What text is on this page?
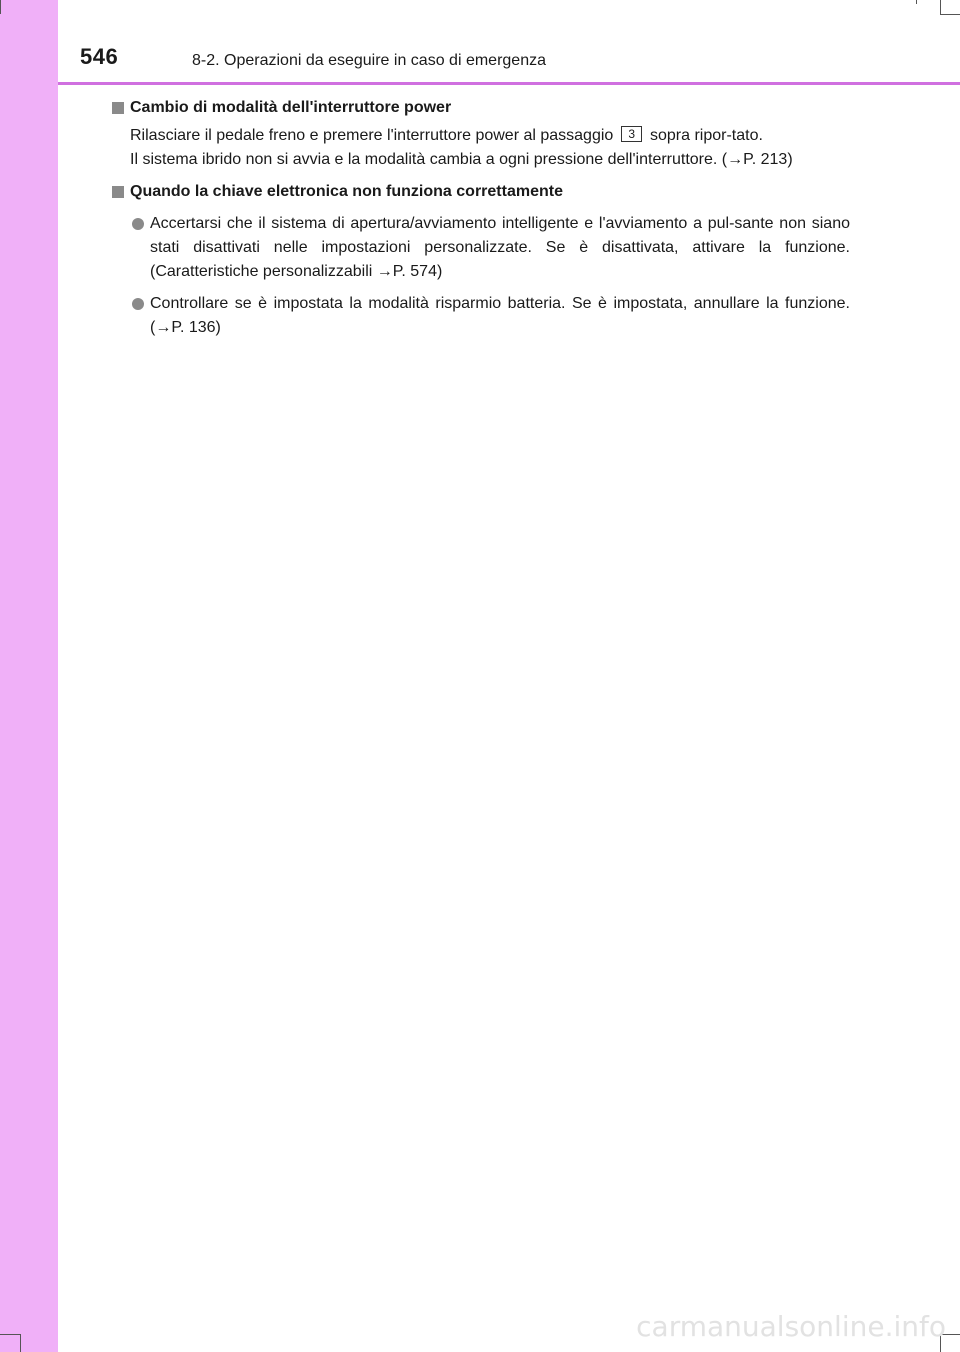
546	8-2. Operazioni da eseguire in caso di emergenza
Cambio di modalità dell'interruttore power
Rilasciare il pedale freno e premere l'interruttore power al passaggio 3 sopra ripor-tato.
Il sistema ibrido non si avvia e la modalità cambia a ogni pressione dell'interruttore. (→P. 213)
Quando la chiave elettronica non funziona correttamente
Accertarsi che il sistema di apertura/avviamento intelligente e l'avviamento a pul-sante non siano stati disattivati nelle impostazioni personalizzate. Se è disattivata, attivare la funzione. (Caratteristiche personalizzabili →P. 574)
Controllare se è impostata la modalità risparmio batteria. Se è impostata, annullare la funzione. (→P. 136)
carmanualsonline.info
